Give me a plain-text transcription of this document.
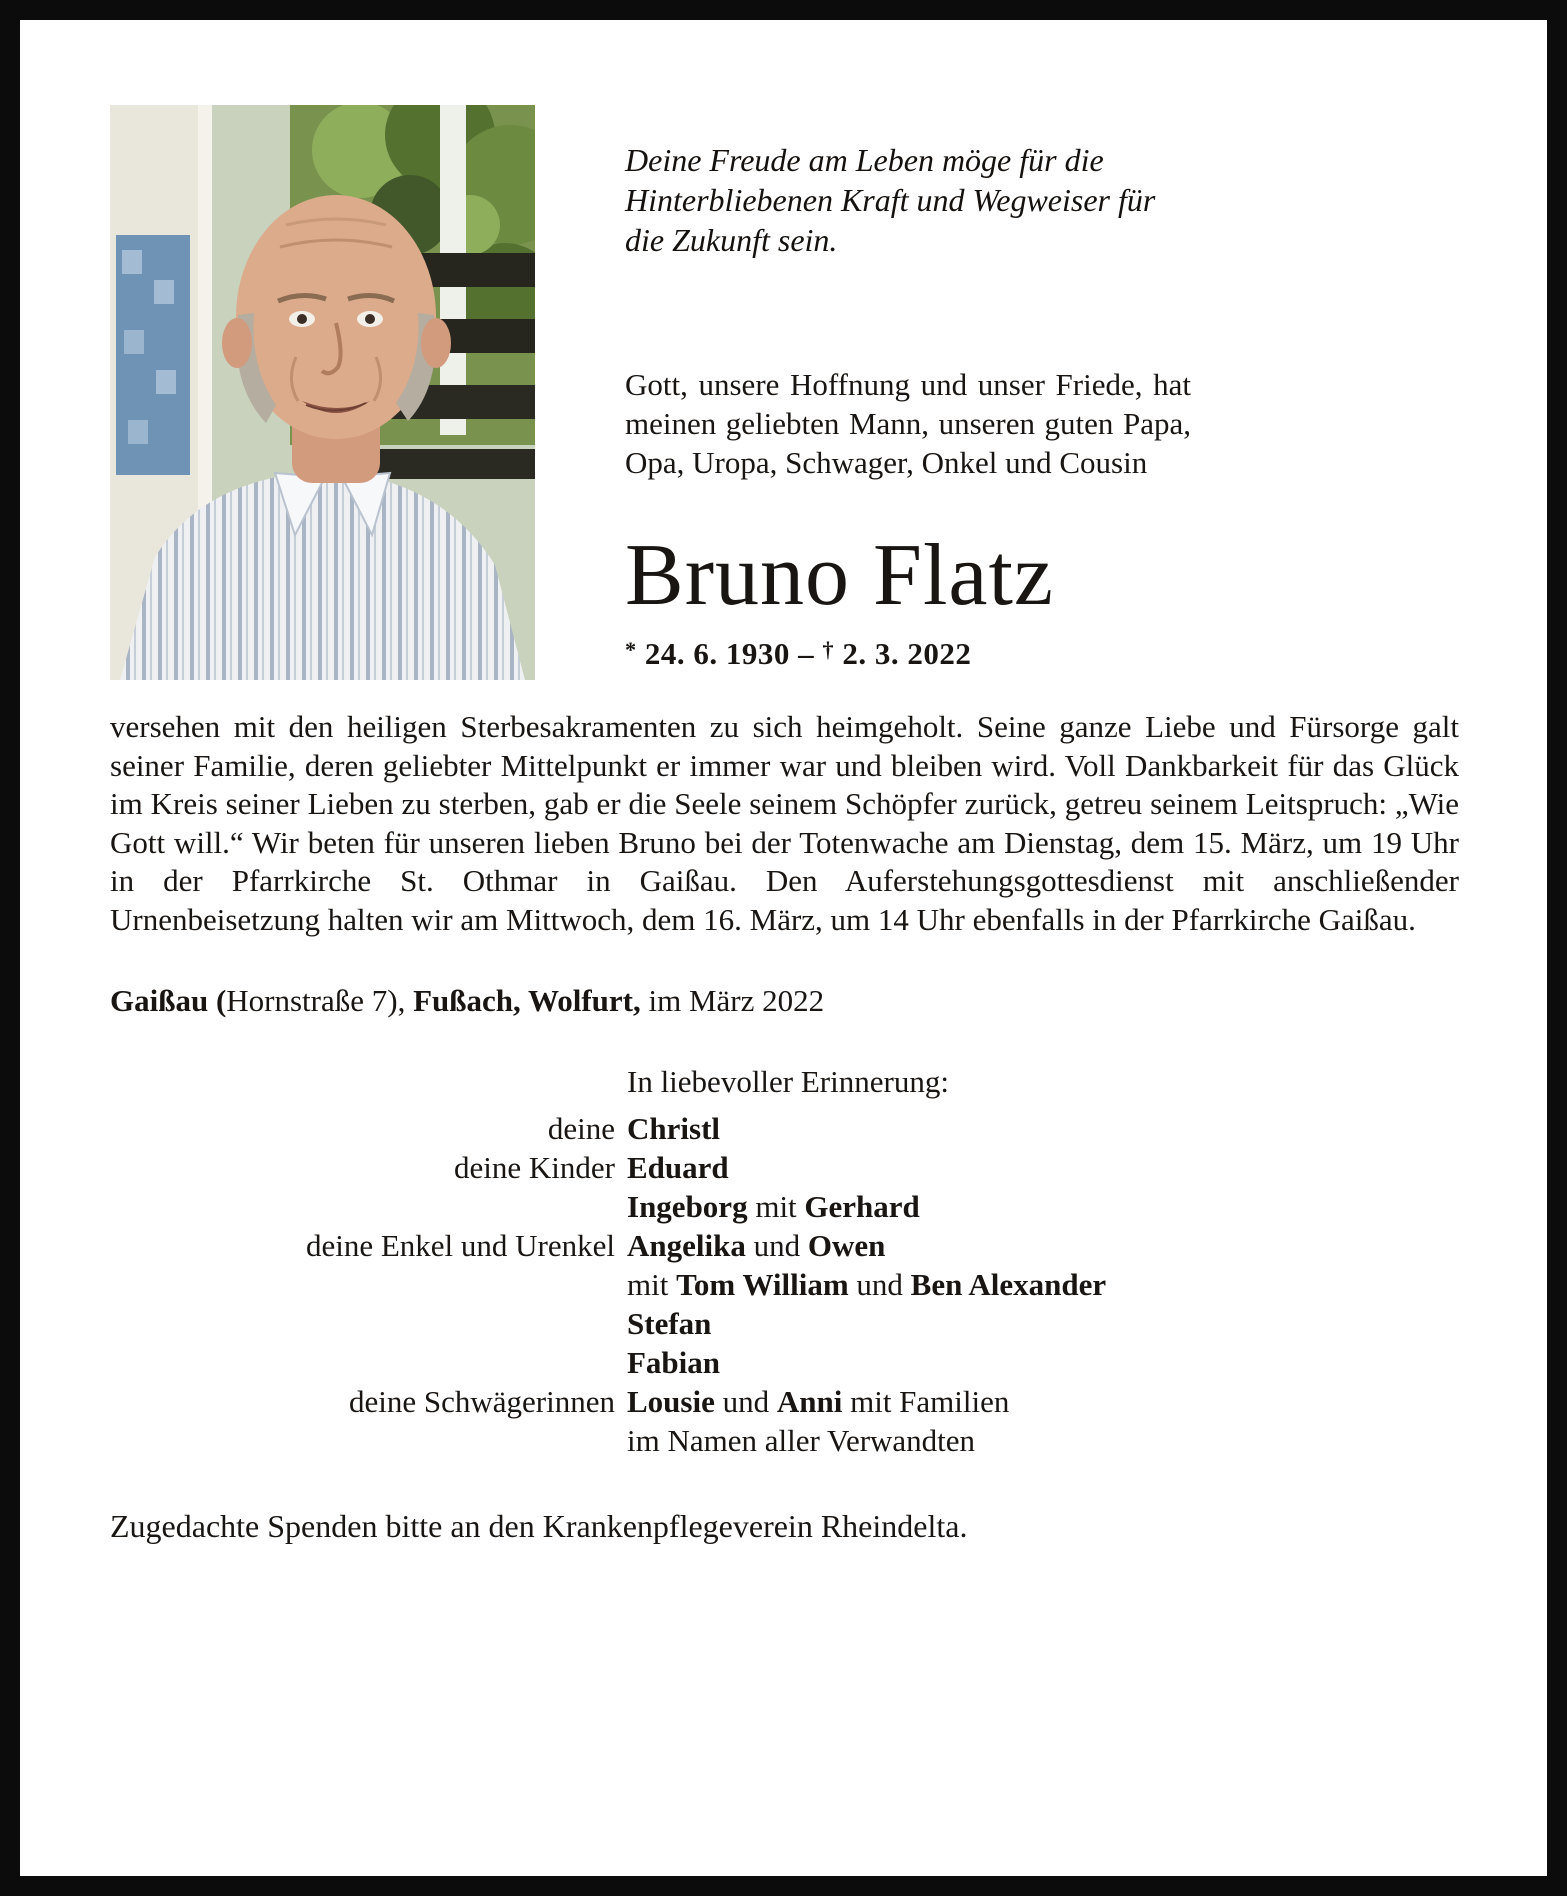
Deine Freude am Leben möge für die Hinterbliebenen Kraft und Wegweiser für die Zukunft sein.

Gott, unsere Hoffnung und unser Friede, hat meinen geliebten Mann, unseren guten Papa, Opa, Uropa, Schwager, Onkel und Cousin

Bruno Flatz

* 24. 6. 1930 – † 2. 3. 2022

versehen mit den heiligen Sterbesakramenten zu sich heimgeholt. Seine ganze Liebe und Fürsorge galt seiner Familie, deren geliebter Mittelpunkt er immer war und bleiben wird. Voll Dankbarkeit für das Glück im Kreis seiner Lieben zu sterben, gab er die Seele seinem Schöpfer zurück, getreu seinem Leitspruch: „Wie Gott will.“ Wir beten für unseren lieben Bruno bei der Totenwache am Dienstag, dem 15. März, um 19 Uhr in der Pfarrkirche St. Othmar in Gaißau. Den Auferstehungsgottesdienst mit anschließender Urnenbeisetzung halten wir am Mittwoch, dem 16. März, um 14 Uhr ebenfalls in der Pfarrkirche Gaißau.

Gaißau (Hornstraße 7), Fußach, Wolfurt, im März 2022

In liebevoller Erinnerung:

deine Christl
deine Kinder Eduard
Ingeborg mit Gerhard
deine Enkel und Urenkel Angelika und Owen
mit Tom William und Ben Alexander
Stefan
Fabian
deine Schwägerinnen Lousie und Anni mit Familien
im Namen aller Verwandten

Zugedachte Spenden bitte an den Krankenpflegeverein Rheindelta.
